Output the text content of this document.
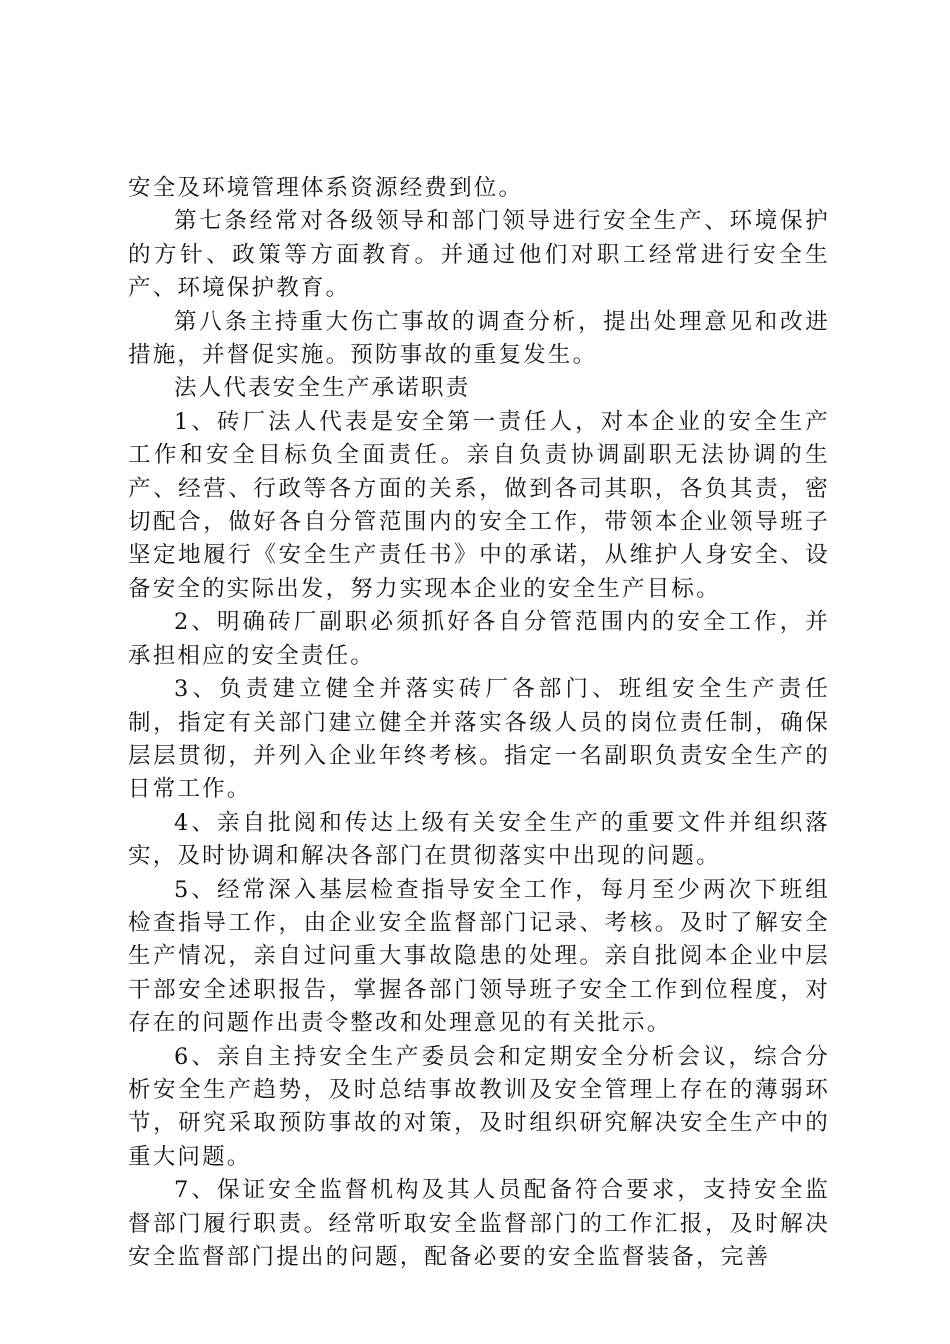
安全及环境管理体系资源经费到位。

第七条经常对各级领导和部门领导进行安全生产、环境保护的方针、政策等方面教育。并通过他们对职工经常进行安全生产、环境保护教育。

第八条主持重大伤亡事故的调查分析，提出处理意见和改进措施，并督促实施。预防事故的重复发生。

法人代表安全生产承诺职责

1、砖厂法人代表是安全第一责任人，对本企业的安全生产工作和安全目标负全面责任。亲自负责协调副职无法协调的生产、经营、行政等各方面的关系，做到各司其职，各负其责，密切配合，做好各自分管范围内的安全工作，带领本企业领导班子坚定地履行《安全生产责任书》中的承诺，从维护人身安全、设备安全的实际出发，努力实现本企业的安全生产目标。

2、明确砖厂副职必须抓好各自分管范围内的安全工作，并承担相应的安全责任。

3、负责建立健全并落实砖厂各部门、班组安全生产责任制，指定有关部门建立健全并落实各级人员的岗位责任制，确保层层贯彻，并列入企业年终考核。指定一名副职负责安全生产的日常工作。

4、亲自批阅和传达上级有关安全生产的重要文件并组织落实，及时协调和解决各部门在贯彻落实中出现的问题。

5、经常深入基层检查指导安全工作，每月至少两次下班组检查指导工作，由企业安全监督部门记录、考核。及时了解安全生产情况，亲自过问重大事故隐患的处理。亲自批阅本企业中层干部安全述职报告，掌握各部门领导班子安全工作到位程度，对存在的问题作出责令整改和处理意见的有关批示。

6、亲自主持安全生产委员会和定期安全分析会议，综合分析安全生产趋势，及时总结事故教训及安全管理上存在的薄弱环节，研究采取预防事故的对策，及时组织研究解决安全生产中的重大问题。

7、保证安全监督机构及其人员配备符合要求，支持安全监督部门履行职责。经常听取安全监督部门的工作汇报，及时解决安全监督部门提出的问题，配备必要的安全监督装备，完善
